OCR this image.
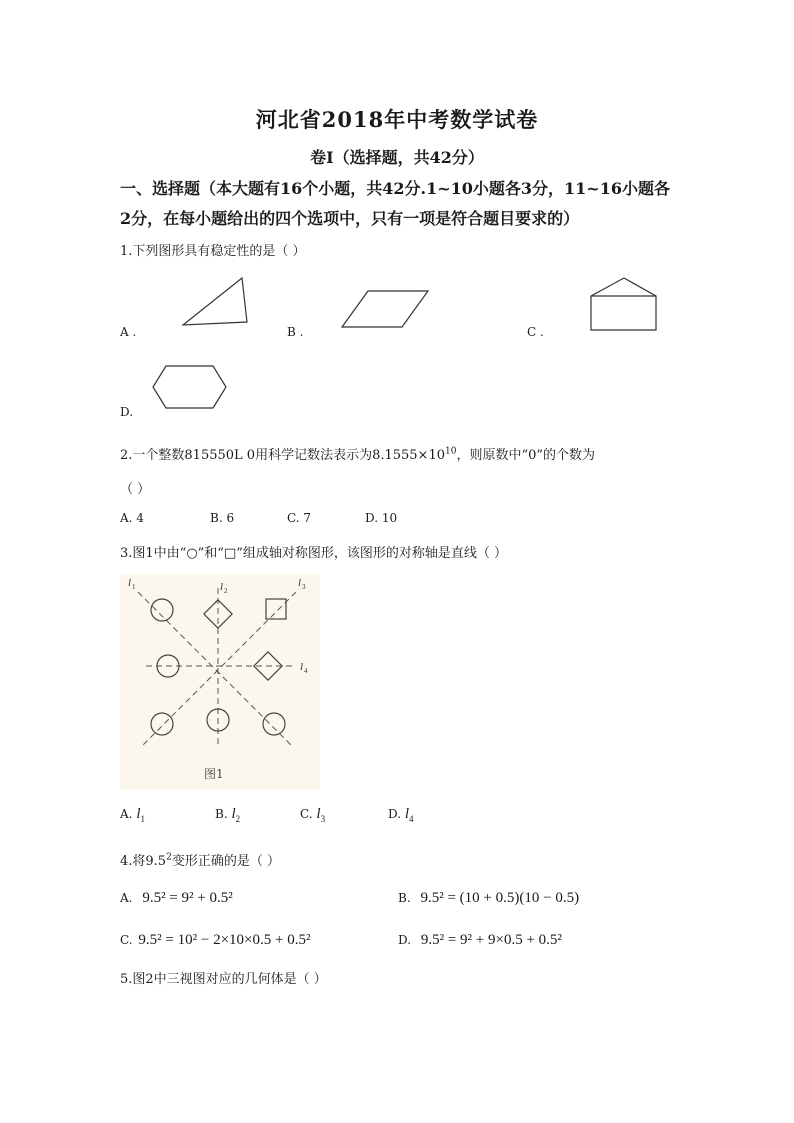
河北省2018年中考数学试卷
卷Ⅰ（选择题，共42分）
一、选择题（本大题有16个小题，共42分.1~10小题各3分，11~16小题各
2分，在每小题给出的四个选项中，只有一项是符合题目要求的）
1.下列图形具有稳定性的是（ ）
A .	B .	C .
D.
2.一个整数815550L 0用科学记数法表示为$8.1555\times 10^{10}$，则原数中“0”的个数为
（ ）
A. 4	B. 6	C. 7	D. 10
3.图1中由“○”和“□”组成轴对称图形，该图形的对称轴是直线（ ）
l 1	l 2
l 3
l 4
图1
A. $l_1$	B. $l_2$	C. $l_3$	D. $l_4$
4.将$9.5^2$变形正确的是（ ）
A. 9.5² = 9² + 0.5²	B. 9.5² = (10 + 0.5)(10 − 0.5)
C. 9.5² = 10² − 2×10×0.5 + 0.5²	D. 9.5² = 9² + 9×0.5 + 0.5²
5.图2中三视图对应的几何体是（ ）
